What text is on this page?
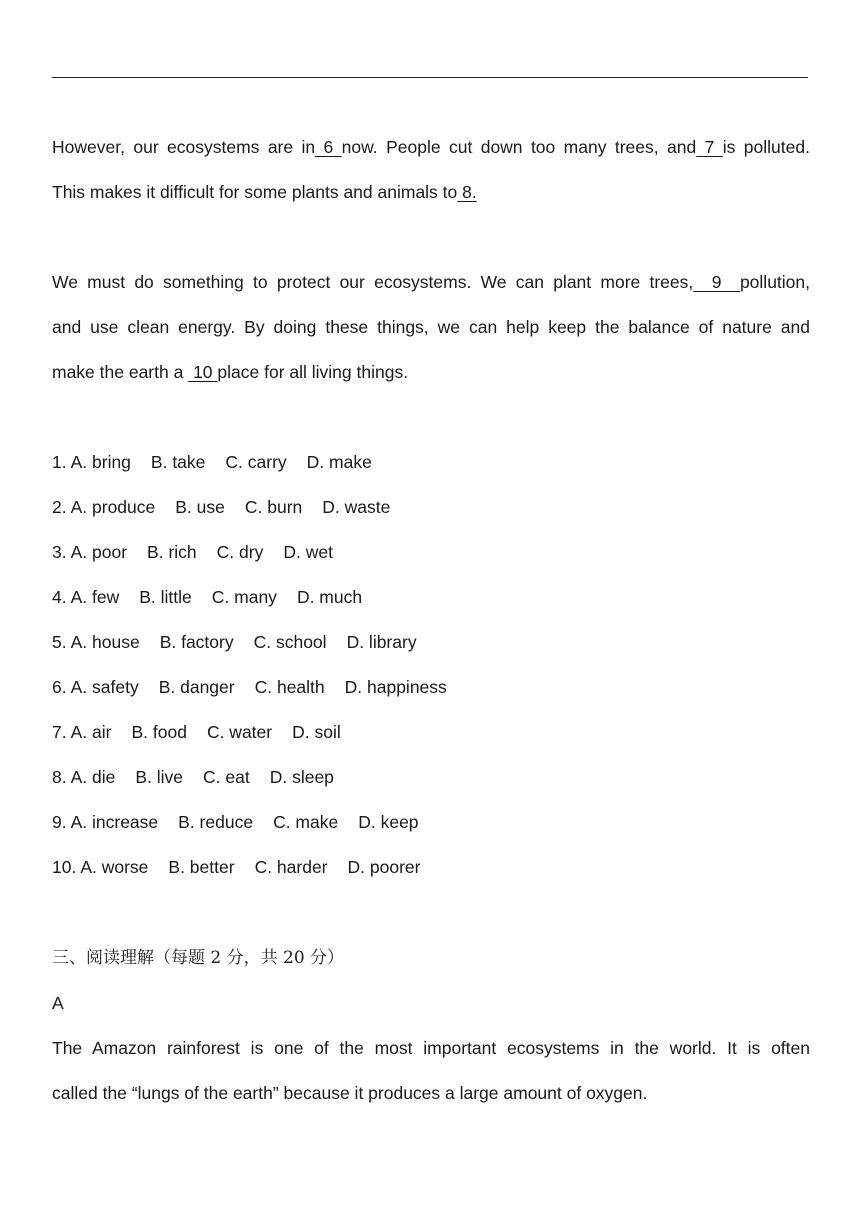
However, our ecosystems are in 6 now. People cut down too many trees, and 7 is polluted.
This makes it difficult for some plants and animals to 8.
We must do something to protect our ecosystems. We can plant more trees,  9  pollution,
and use clean energy. By doing these things, we can help keep the balance of nature and
make the earth a  10 place for all living things.
1. A. bring B. take C. carry D. make
2. A. produce B. use C. burn D. waste
3. A. poor B. rich C. dry D. wet
4. A. few B. little C. many D. much
5. A. house B. factory C. school D. library
6. A. safety B. danger C. health D. happiness
7. A. air B. food C. water D. soil
8. A. die B. live C. eat D. sleep
9. A. increase B. reduce C. make D. keep
10. A. worse B. better C. harder D. poorer
三、阅读理解（每题 2 分，共 20 分）
A
The Amazon rainforest is one of the most important ecosystems in the world. It is often
called the “lungs of the earth” because it produces a large amount of oxygen.
